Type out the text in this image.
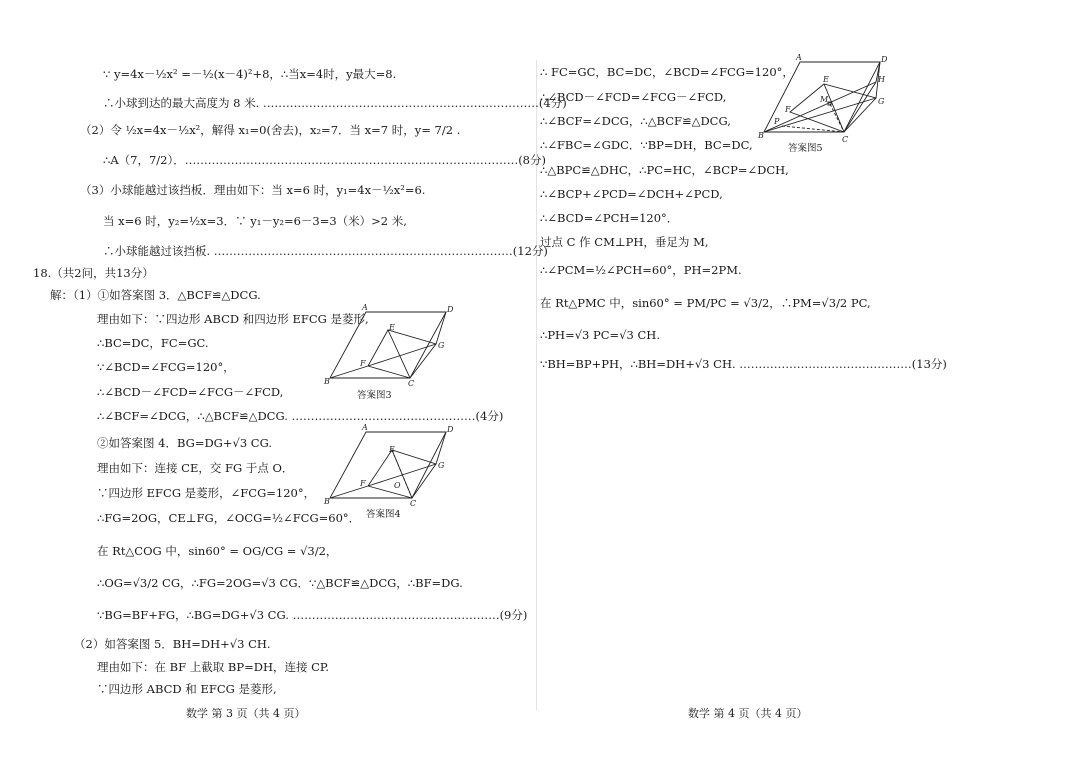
∵ y=4x－½x² =－½(x－4)²+8，∴当x=4时，y最大=8.
∴小球到达的最大高度为 8 米. ………………………………………………………………(4分)
（2）令 ½x=4x－½x²，解得 x₁=0(舍去)，x₂=7．当 x=7 时，y= 7/2 .
∴A（7，7/2）．……………………………………………………………………………(8分)
（3）小球能越过该挡板．理由如下：当 x=6 时，y₁=4x－½x²=6.
当 x=6 时，y₂=½x=3．∵ y₁－y₂=6－3=3（米）>2 米,
∴小球能越过该挡板. ……………………………………………………………………(12分)
18.（共2问，共13分）
解：（1）①如答案图 3．△BCF≌△DCG.
理由如下：∵四边形 ABCD 和四边形 EFCG 是菱形,
∴BC=DC，FC=GC.
∵∠BCD=∠FCG=120°，
∴∠BCD－∠FCD=∠FCG－∠FCD,
∴∠BCF=∠DCG，∴△BCF≌△DCG. …………………………………………(4分)
②如答案图 4．BG=DG+√3 CG.
理由如下：连接 CE，交 FG 于点 O．
∵四边形 EFCG 是菱形，∠FCG=120°，
∴FG=2OG，CE⊥FG，∠OCG=½∠FCG=60°．
在 Rt△COG 中，sin60° = OG/CG = √3/2，
∴OG=√3/2 CG，∴FG=2OG=√3 CG．∵△BCF≌△DCG，∴BF=DG.
∵BG=BF+FG，∴BG=DG+√3 CG. ………………………………………………(9分)
（2）如答案图 5．BH=DH+√3 CH.
理由如下：在 BF 上截取 BP=DH，连接 CP.
∵四边形 ABCD 和 EFCG 是菱形,
A	D
E
F
G
B	C
答案图3
A	D
E
F	O
G
B	C
答案图4
数学 第 3 页（共 4 页）
∴ FC=GC，BC=DC，∠BCD=∠FCG=120°，
∴∠BCD－∠FCD=∠FCG－∠FCD,
∴∠BCF=∠DCG，∴△BCF≌△DCG,
∴∠FBC=∠GDC．∵BP=DH，BC=DC,
∴△BPC≌△DHC，∴PC=HC，∠BCP=∠DCH,
∴∠BCP+∠PCD=∠DCH+∠PCD,
∴∠BCD=∠PCH=120°．
过点 C 作 CM⊥PH，垂足为 M,
∴∠PCM=½∠PCH=60°，PH=2PM.
在 Rt△PMC 中，sin60° = PM/PC = √3/2，∴PM=√3/2 PC,
∴PH=√3 PC=√3 CH.
∵BH=BP+PH，∴BH=DH+√3 CH. ………………………………………(13分)
A	D
H
E
M
F
P
G
B	C
答案图5
数学 第 4 页（共 4 页）
